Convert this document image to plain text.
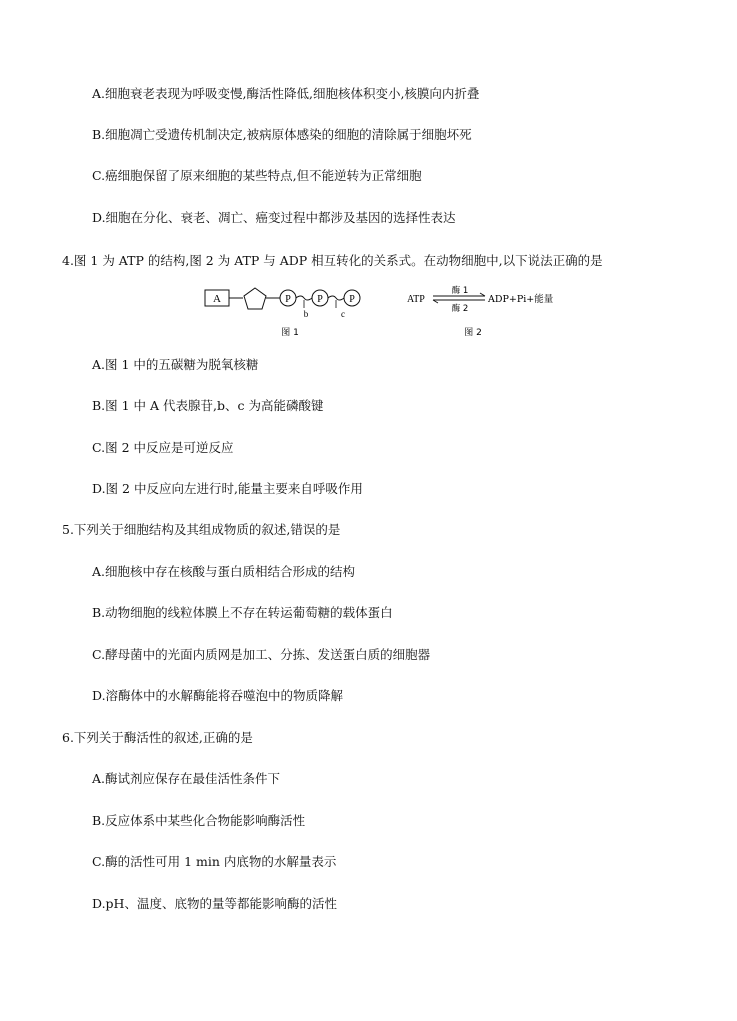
A.细胞衰老表现为呼吸变慢,酶活性降低,细胞核体积变小,核膜向内折叠
B.细胞凋亡受遗传机制决定,被病原体感染的细胞的清除属于细胞坏死
C.癌细胞保留了原来细胞的某些特点,但不能逆转为正常细胞
D.细胞在分化、衰老、凋亡、癌变过程中都涉及基因的选择性表达
4.图 1 为 ATP 的结构,图 2 为 ATP 与 ADP 相互转化的关系式。在动物细胞中,以下说法正确的是
A	P
b
P
c
P
图 1
ATP
酶 1
酶 2
ADP+Pi+能量
图 2
A.图 1 中的五碳糖为脱氧核糖
B.图 1 中 A 代表腺苷,b、c 为高能磷酸键
C.图 2 中反应是可逆反应
D.图 2 中反应向左进行时,能量主要来自呼吸作用
5.下列关于细胞结构及其组成物质的叙述,错误的是
A.细胞核中存在核酸与蛋白质相结合形成的结构
B.动物细胞的线粒体膜上不存在转运葡萄糖的载体蛋白
C.酵母菌中的光面内质网是加工、分拣、发送蛋白质的细胞器
D.溶酶体中的水解酶能将吞噬泡中的物质降解
6.下列关于酶活性的叙述,正确的是
A.酶试剂应保存在最佳活性条件下
B.反应体系中某些化合物能影响酶活性
C.酶的活性可用 1 min 内底物的水解量表示
D.pH、温度、底物的量等都能影响酶的活性
